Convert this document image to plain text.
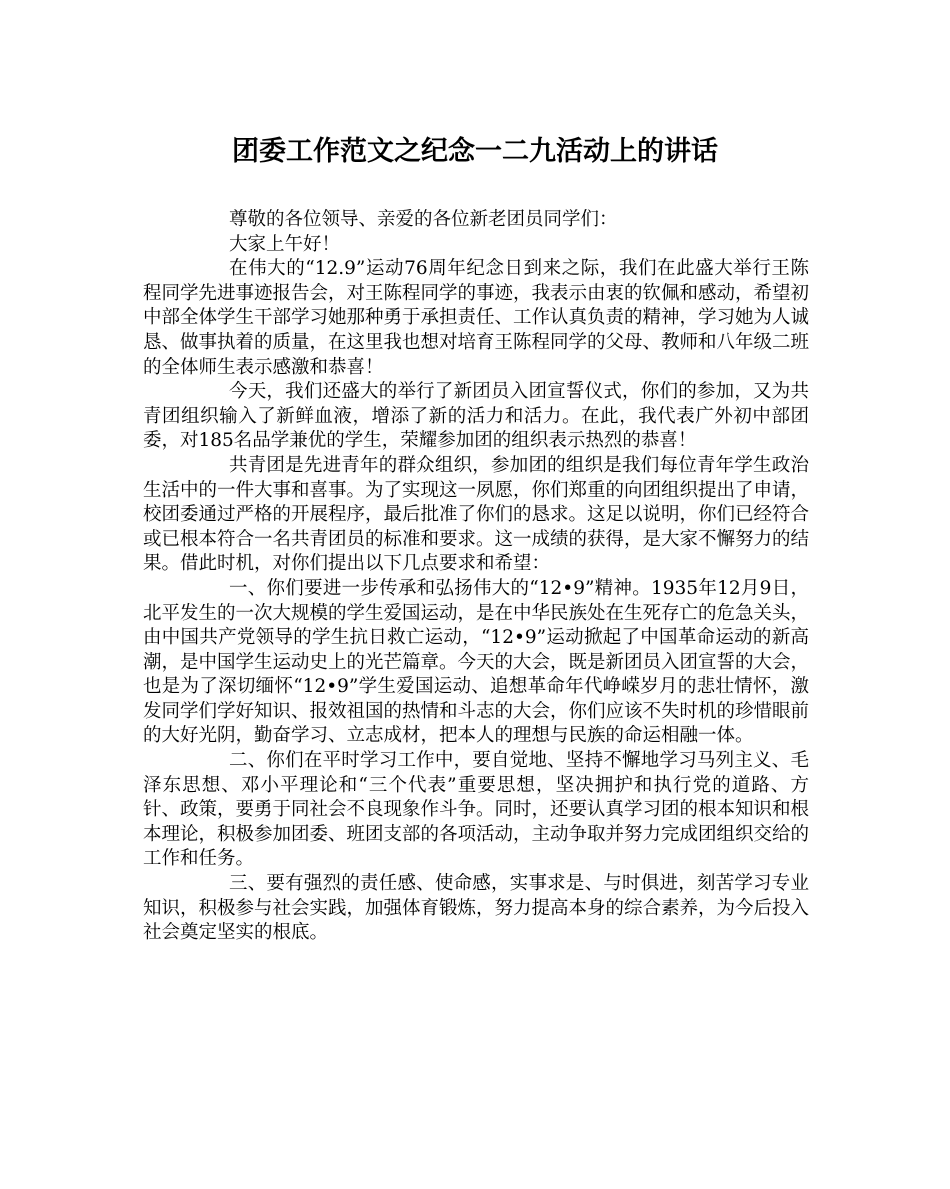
团委工作范文之纪念一二九活动上的讲话

尊敬的各位领导、亲爱的各位新老团员同学们：

大家上午好！

在伟大的“12.9”运动76周年纪念日到来之际，我们在此盛大举行王陈程同学先进事迹报告会，对王陈程同学的事迹，我表示由衷的钦佩和感动，希望初中部全体学生干部学习她那种勇于承担责任、工作认真负责的精神，学习她为人诚恳、做事执着的质量，在这里我也想对培育王陈程同学的父母、教师和八年级二班的全体师生表示感激和恭喜！

今天，我们还盛大的举行了新团员入团宣誓仪式，你们的参加，又为共青团组织输入了新鲜血液，增添了新的活力和活力。在此，我代表广外初中部团委，对185名品学兼优的学生，荣耀参加团的组织表示热烈的恭喜！

共青团是先进青年的群众组织，参加团的组织是我们每位青年学生政治生活中的一件大事和喜事。为了实现这一夙愿，你们郑重的向团组织提出了申请，校团委通过严格的开展程序，最后批准了你们的恳求。这足以说明，你们已经符合或已根本符合一名共青团员的标准和要求。这一成绩的获得，是大家不懈努力的结果。借此时机，对你们提出以下几点要求和希望：

一、你们要进一步传承和弘扬伟大的“12•9”精神。1935年12月9日，北平发生的一次大规模的学生爱国运动，是在中华民族处在生死存亡的危急关头，由中国共产党领导的学生抗日救亡运动，“12•9”运动掀起了中国革命运动的新高潮，是中国学生运动史上的光芒篇章。今天的大会，既是新团员入团宣誓的大会，也是为了深切缅怀“12•9”学生爱国运动、追想革命年代峥嵘岁月的悲壮情怀，激发同学们学好知识、报效祖国的热情和斗志的大会，你们应该不失时机的珍惜眼前的大好光阴，勤奋学习、立志成材，把本人的理想与民族的命运相融一体。

二、你们在平时学习工作中，要自觉地、坚持不懈地学习马列主义、毛泽东思想、邓小平理论和“三个代表”重要思想，坚决拥护和执行党的道路、方针、政策，要勇于同社会不良现象作斗争。同时，还要认真学习团的根本知识和根本理论，积极参加团委、班团支部的各项活动，主动争取并努力完成团组织交给的工作和任务。

三、要有强烈的责任感、使命感，实事求是、与时俱进，刻苦学习专业知识，积极参与社会实践，加强体育锻炼，努力提高本身的综合素养，为今后投入社会奠定坚实的根底。
